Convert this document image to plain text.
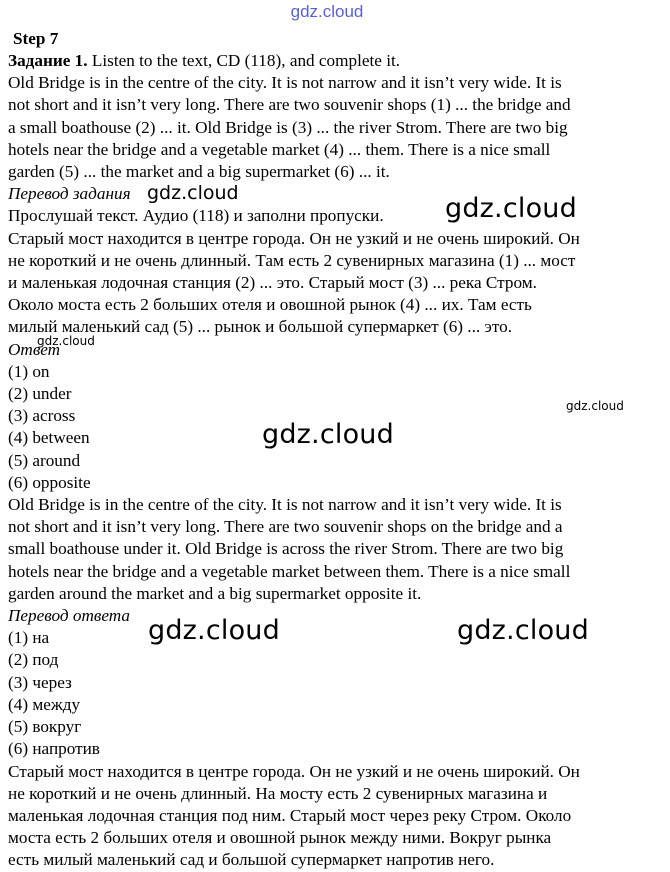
gdz.cloud
Step 7

Задание 1. Listen to the text, CD (118), and complete it.

Old Bridge is in the centre of the city. It is not narrow and it isn’t very wide. It is

not short and it isn’t very long. There are two souvenir shops (1) ... the bridge and

a small boathouse (2) ... it. Old Bridge is (3) ... the river Strom. There are two big

hotels near the bridge and a vegetable market (4) ... them. There is a nice small

garden (5) ... the market and a big supermarket (6) ... it.

Перевод задания

Прослушай текст. Аудио (118) и заполни пропуски.

Старый мост находится в центре города. Он не узкий и не очень широкий. Он

не короткий и не очень длинный. Там есть 2 сувенирных магазина (1) ... мост

и маленькая лодочная станция (2) ... это. Старый мост (3) ... река Стром.

Около моста есть 2 больших отеля и овошной рынок (4) ... их. Там есть

милый маленький сад (5) ... рынок и большой супермаркет (6) ... это.

Ответ

(1) on

(2) under

(3) across

(4) between

(5) around

(6) opposite

Old Bridge is in the centre of the city. It is not narrow and it isn’t very wide. It is

not short and it isn’t very long. There are two souvenir shops on the bridge and a

small boathouse under it. Old Bridge is across the river Strom. There are two big

hotels near the bridge and a vegetable market between them. There is a nice small

garden around the market and a big supermarket opposite it.

Перевод ответа

(1) на

(2) под

(3) через

(4) между

(5) вокруг

(6) напротив

Старый мост находится в центре города. Он не узкий и не очень широкий. Он

не короткий и не очень длинный. На мосту есть 2 сувенирных магазина и

маленькая лодочная станция под ним. Старый мост через реку Стром. Около

моста есть 2 больших отеля и овошной рынок между ними. Вокруг рынка

есть милый маленький сад и большой супермаркет напротив него.

gdz.cloud	gdz.cloud
gdz.cloud
gdz.cloud
gdz.cloud
gdz.cloud	gdz.cloud
